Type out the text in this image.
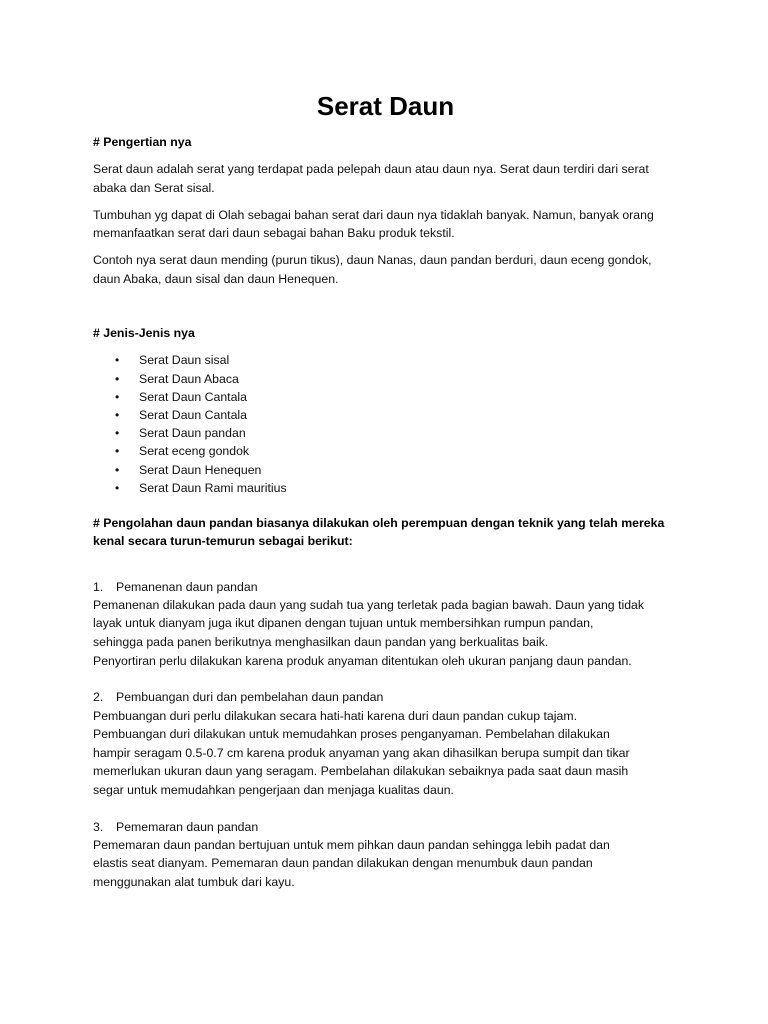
Serat Daun
# Pengertian nya
Serat daun adalah serat yang terdapat pada pelepah daun atau daun nya. Serat daun terdiri dari serat abaka dan Serat sisal.
Tumbuhan yg dapat di Olah sebagai bahan serat dari daun nya tidaklah banyak. Namun, banyak orang memanfaatkan serat dari daun sebagai bahan Baku produk tekstil.
Contoh nya serat daun mending (purun tikus), daun Nanas, daun pandan berduri, daun eceng gondok, daun Abaka, daun sisal dan daun Henequen.
# Jenis-Jenis nya
• Serat Daun sisal
• Serat Daun Abaca
• Serat Daun Cantala
• Serat Daun Cantala
• Serat Daun pandan
• Serat eceng gondok
• Serat Daun Henequen
• Serat Daun Rami mauritius
# Pengolahan daun pandan biasanya dilakukan oleh perempuan dengan teknik yang telah mereka kenal secara turun-temurun sebagai berikut:
1. Pemanenan daun pandan
Pemanenan dilakukan pada daun yang sudah tua yang terletak pada bagian bawah. Daun yang tidak
layak untuk dianyam juga ikut dipanen dengan tujuan untuk membersihkan rumpun pandan,
sehingga pada panen berikutnya menghasilkan daun pandan yang berkualitas baik.
Penyortiran perlu dilakukan karena produk anyaman ditentukan oleh ukuran panjang daun pandan.
2. Pembuangan duri dan pembelahan daun pandan
Pembuangan duri perlu dilakukan secara hati-hati karena duri daun pandan cukup tajam.
Pembuangan duri dilakukan untuk memudahkan proses penganyaman. Pembelahan dilakukan
hampir seragam 0.5-0.7 cm karena produk anyaman yang akan dihasilkan berupa sumpit dan tikar
memerlukan ukuran daun yang seragam. Pembelahan dilakukan sebaiknya pada saat daun masih
segar untuk memudahkan pengerjaan dan menjaga kualitas daun.
3. Pememaran daun pandan
Pememaran daun pandan bertujuan untuk mem pihkan daun pandan sehingga lebih padat dan
elastis seat dianyam. Pememaran daun pandan dilakukan dengan menumbuk daun pandan
menggunakan alat tumbuk dari kayu.
